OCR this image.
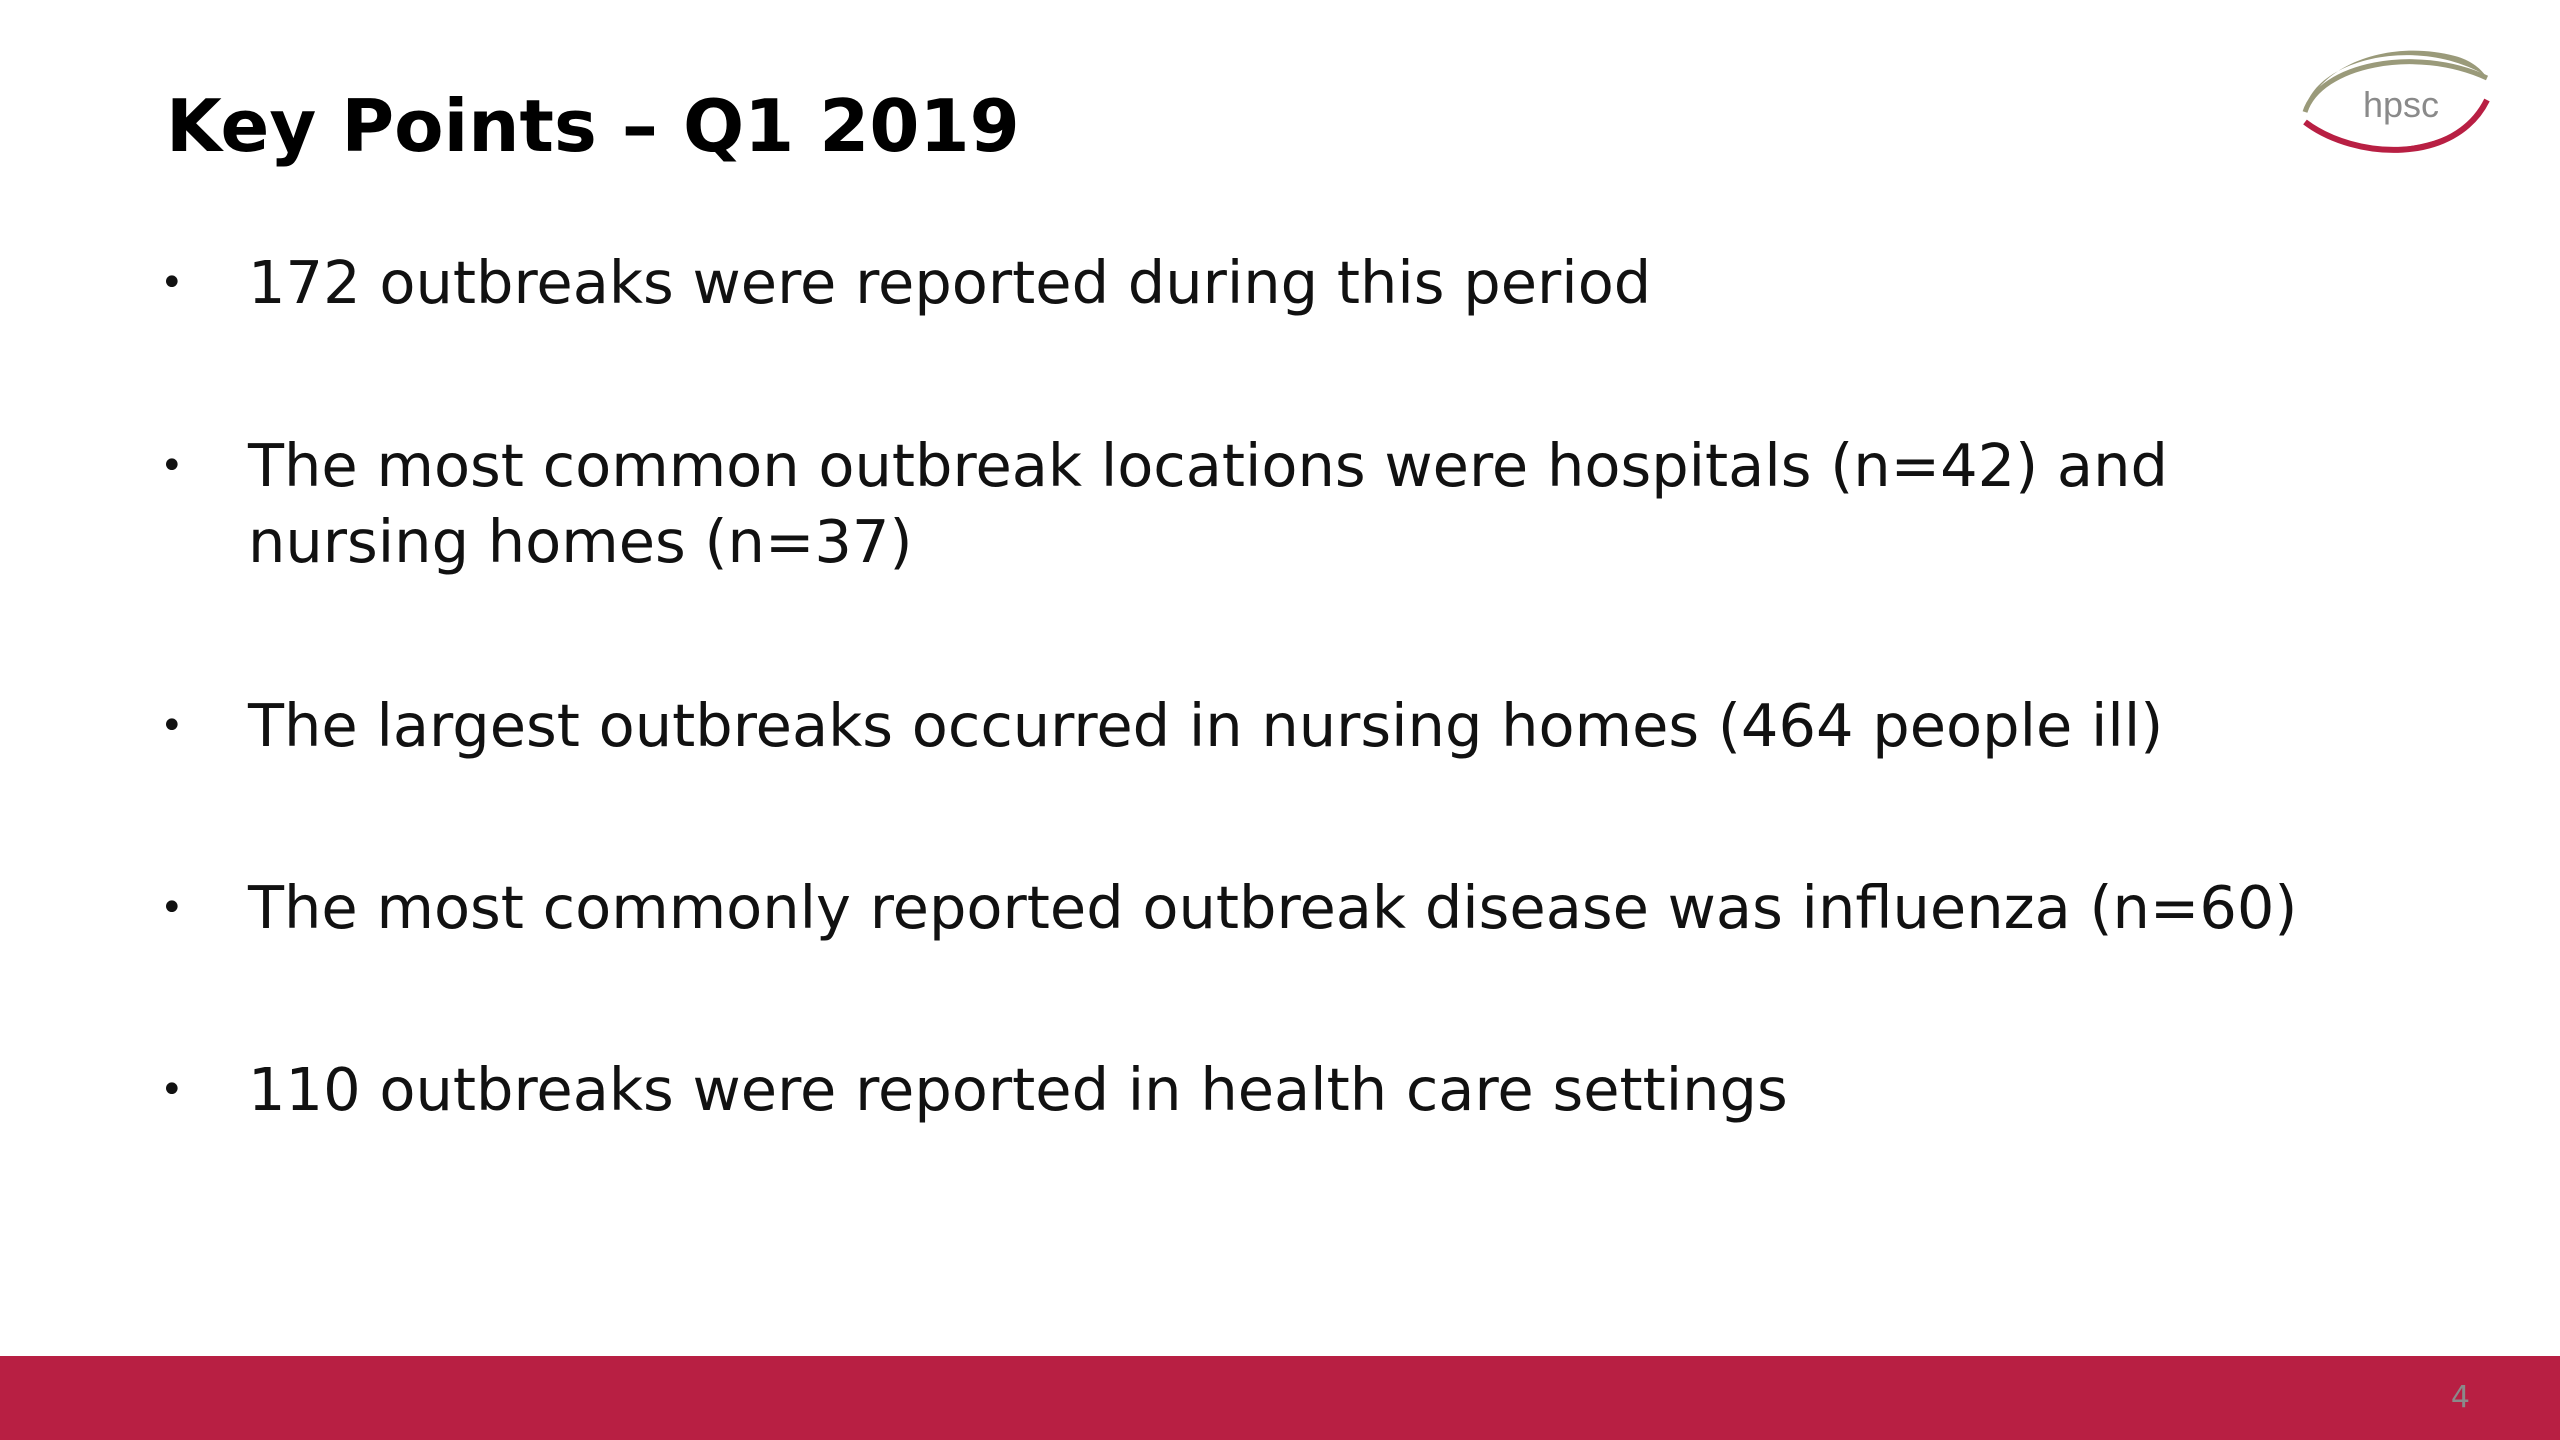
Key Points – Q1 2019	hpsc
•	172 outbreaks were reported during this period
•	The most common outbreak locations were hospitals (n=42) and nursing homes (n=37)
•	The largest outbreaks occurred in nursing homes (464 people ill)
•	The most commonly reported outbreak disease was influenza (n=60)
•	110 outbreaks were reported in health care settings
4
